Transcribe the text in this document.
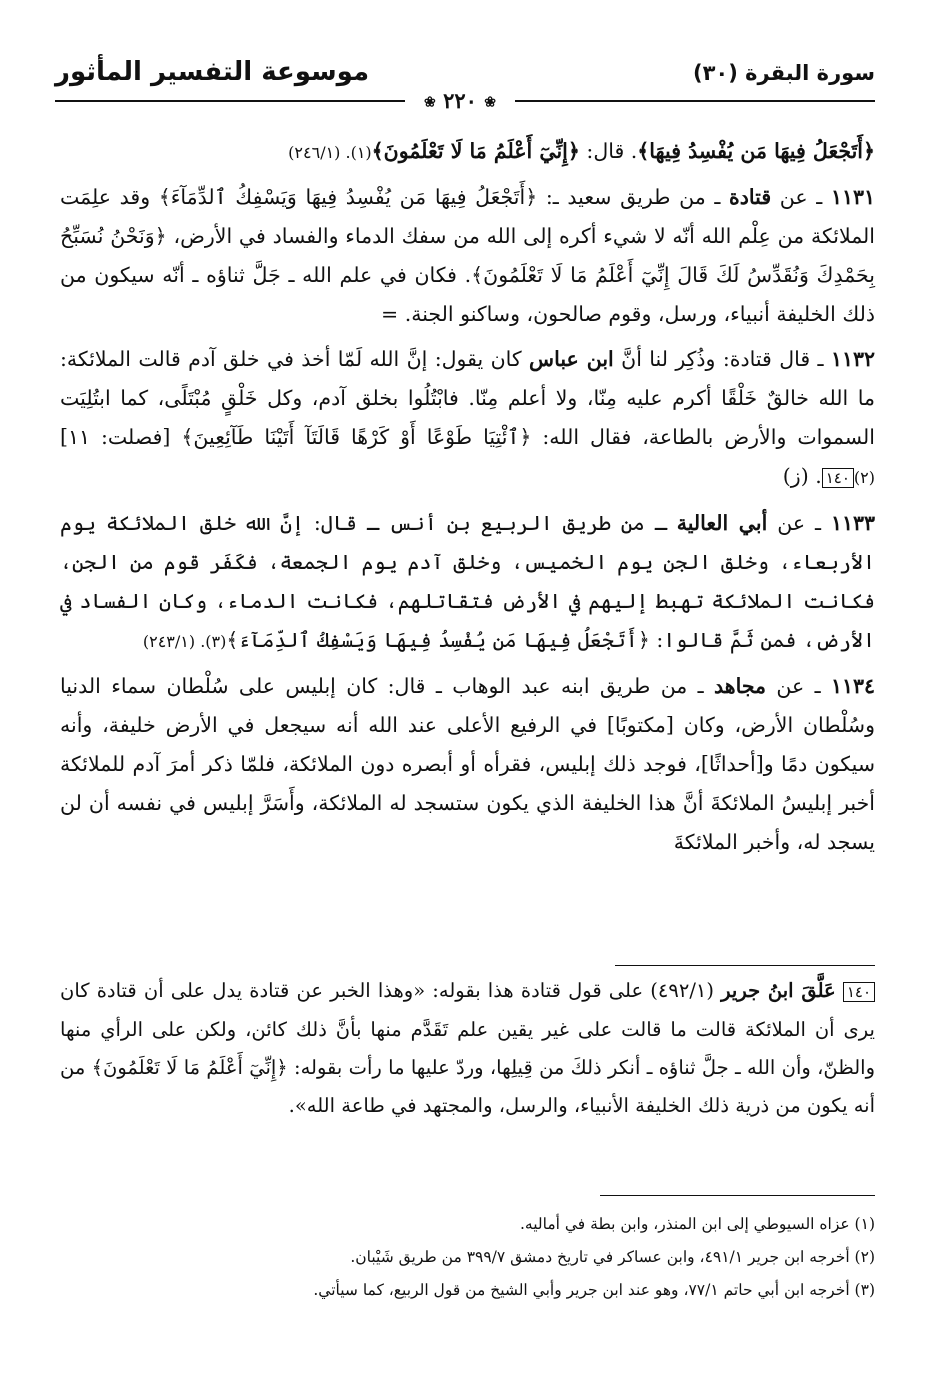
موسوعة التفسير المأثور	سورة البقرة (٣٠)
❀ ٢٢٠ ❀

﴿أَتَجْعَلُ فِيهَا مَن يُفْسِدُ فِيهَا﴾. قال: ﴿إِنِّيٓ أَعْلَمُ مَا لَا تَعْلَمُونَ﴾(١). (٢٤٦/١)

١١٣١ ـ عن قتادة ـ من طريق سعيد ـ: ﴿أَتَجْعَلُ فِيهَا مَن يُفْسِدُ فِيهَا وَيَسْفِكُ ٱلدِّمَآءَ﴾ وقد علِمَت الملائكة من عِلْم الله أنّه لا شيء أكره إلى الله من سفك الدماء والفساد في الأرض، ﴿وَنَحْنُ نُسَبِّحُ بِحَمْدِكَ وَنُقَدِّسُ لَكَ قَالَ إِنِّيٓ أَعْلَمُ مَا لَا تَعْلَمُونَ﴾. فكان في علم الله ـ جَلَّ ثناؤه ـ أنّه سيكون من ذلك الخليفة أنبياء، ورسل، وقوم صالحون، وساكنو الجنة. =

١١٣٢ ـ قال قتادة: وذُكِر لنا أنَّ ابن عباس كان يقول: إنَّ الله لَمّا أخذ في خلق آدم قالت الملائكة: ما الله خالقٌ خَلْقًا أكرم عليه مِنّا، ولا أعلم مِنّا. فابْتُلُوا بخلق آدم، وكل خَلْقٍ مُبْتَلًى، كما ابتُلِيَت السموات والأرض بالطاعة، فقال الله: ﴿ٱئْتِيَا طَوْعًا أَوْ كَرْهًا قَالَتَآ أَتَيْنَا طَآئِعِينَ﴾ [فصلت: ١١](٢)١٤٠. (ز)

١١٣٣ ـ عن أبي العالية ـ من طريق الربيع بن أنس ـ قال: إنَّ الله خلق الملائكة يوم الأربعاء، وخلق الجن يوم الخميس، وخلق آدم يوم الجمعة، فكَفَر قوم من الجن، فكانت الملائكة تهبط إليهم في الأرض فتقاتلهم، فكانت الدماء، وكان الفساد في الأرض، فمن ثَمَّ قالوا: ﴿أَتَجْعَلُ فِيهَا مَن يُفْسِدُ فِيهَا وَيَسْفِكُ ٱلدِّمَآءَ﴾(٣). (٢٤٣/١)

١١٣٤ ـ عن مجاهد ـ من طريق ابنه عبد الوهاب ـ قال: كان إبليس على سُلْطان سماء الدنيا وسُلْطان الأرض، وكان [مكتوبًا] في الرفيع الأعلى عند الله أنه سيجعل في الأرض خليفة، وأنه سيكون دمًا و[أحداثًا]، فوجد ذلك إبليس، فقرأه أو أبصره دون الملائكة، فلمّا ذكر أمرَ آدم للملائكة أخبر إبليسُ الملائكةَ أنَّ هذا الخليفة الذي يكون ستسجد له الملائكة، وأَسَرَّ إبليس في نفسه أن لن يسجد له، وأخبر الملائكةَ

١٤٠ عَلَّقَ ابنُ جرير (٤٩٢/١) على قول قتادة هذا بقوله: «وهذا الخبر عن قتادة يدل على أن قتادة كان يرى أن الملائكة قالت ما قالت على غير يقين علم تَقَدَّم منها بأنَّ ذلك كائن، ولكن على الرأي منها والظنّ، وأن الله ـ جلَّ ثناؤه ـ أنكر ذلكَ من قِيلِها، وردّ عليها ما رأت بقوله: ﴿إِنِّيٓ أَعْلَمُ مَا لَا تَعْلَمُونَ﴾ من أنه يكون من ذرية ذلك الخليفة الأنبياء، والرسل، والمجتهد في طاعة الله».

(١) عزاه السيوطي إلى ابن المنذر، وابن بطة في أماليه.

(٢) أخرجه ابن جرير ٤٩١/١، وابن عساكر في تاريخ دمشق ٣٩٩/٧ من طريق شَيْبان.

(٣) أخرجه ابن أبي حاتم ٧٧/١، وهو عند ابن جرير وأبي الشيخ من قول الربيع، كما سيأتي.
